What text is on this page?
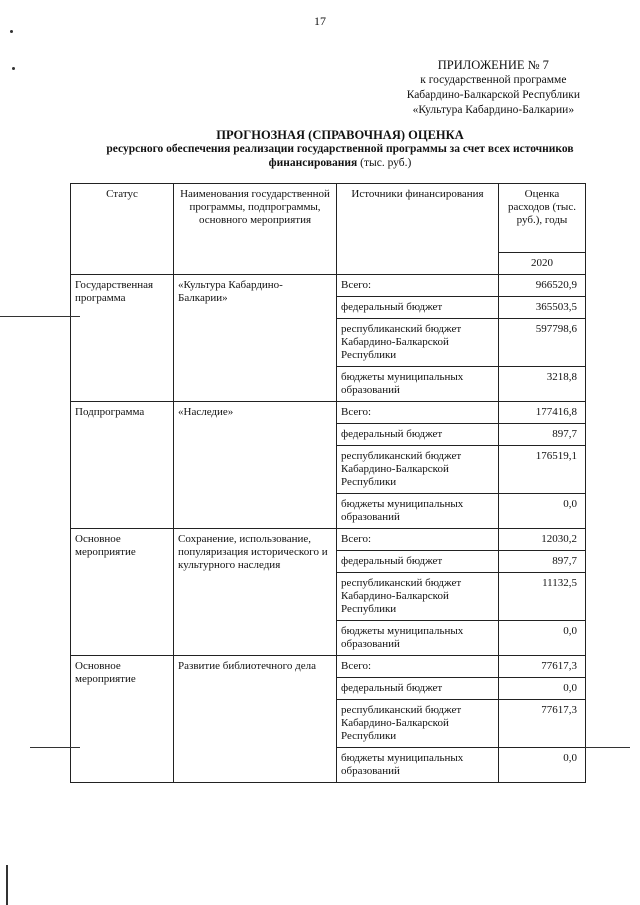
17
ПРИЛОЖЕНИЕ № 7
к государственной программе
Кабардино-Балкарской Республики
«Культура Кабардино-Балкарии»
ПРОГНОЗНАЯ (СПРАВОЧНАЯ) ОЦЕНКА
ресурсного обеспечения реализации государственной программы за счет всех источников
финансирования (тыс. руб.)
Статус	Наименования государственной программы, подпрограммы, основного мероприятия	Источники финансирования	Оценка расходов (тыс. руб.), годы
			2020
Государственная программа	«Культура Кабардино-Балкарии»	Всего:	966520,9
		федеральный бюджет	365503,5
		республиканский бюджет Кабардино-Балкарской Республики	597798,6
		бюджеты муниципальных образований	3218,8
Подпрограмма	«Наследие»	Всего:	177416,8
		федеральный бюджет	897,7
		республиканский бюджет Кабардино-Балкарской Республики	176519,1
		бюджеты муниципальных образований	0,0
Основное мероприятие	Сохранение, использование, популяризация исторического и культурного наследия	Всего:	12030,2
		федеральный бюджет	897,7
		республиканский бюджет Кабардино-Балкарской Республики	11132,5
		бюджеты муниципальных образований	0,0
Основное мероприятие	Развитие библиотечного дела	Всего:	77617,3
		федеральный бюджет	0,0
		республиканский бюджет Кабардино-Балкарской Республики	77617,3
		бюджеты муниципальных образований	0,0
